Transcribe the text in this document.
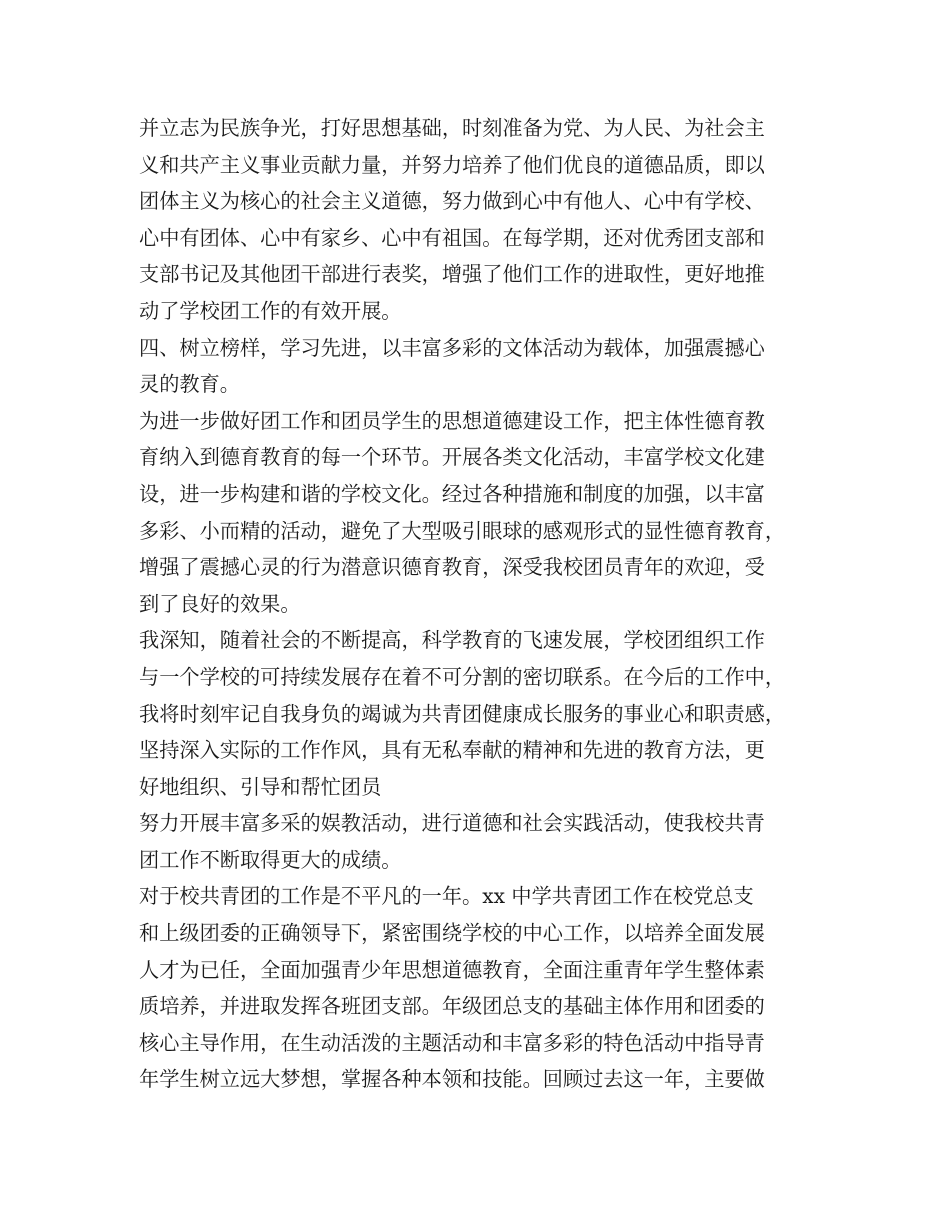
并立志为民族争光，打好思想基础，时刻准备为党、为人民、为社会主
义和共产主义事业贡献力量，并努力培养了他们优良的道德品质，即以
团体主义为核心的社会主义道德，努力做到心中有他人、心中有学校、
心中有团体、心中有家乡、心中有祖国。在每学期，还对优秀团支部和
支部书记及其他团干部进行表奖，增强了他们工作的进取性，更好地推
动了学校团工作的有效开展。
四、树立榜样，学习先进，以丰富多彩的文体活动为载体，加强震撼心
灵的教育。
为进一步做好团工作和团员学生的思想道德建设工作，把主体性德育教
育纳入到德育教育的每一个环节。开展各类文化活动，丰富学校文化建
设，进一步构建和谐的学校文化。经过各种措施和制度的加强，以丰富
多彩、小而精的活动，避免了大型吸引眼球的感观形式的显性德育教育，
增强了震撼心灵的行为潜意识德育教育，深受我校团员青年的欢迎，受
到了良好的效果。
我深知，随着社会的不断提高，科学教育的飞速发展，学校团组织工作
与一个学校的可持续发展存在着不可分割的密切联系。在今后的工作中，
我将时刻牢记自我身负的竭诚为共青团健康成长服务的事业心和职责感，
坚持深入实际的工作作风，具有无私奉献的精神和先进的教育方法，更
好地组织、引导和帮忙团员
努力开展丰富多采的娱教活动，进行道德和社会实践活动，使我校共青
团工作不断取得更大的成绩。
对于校共青团的工作是不平凡的一年。xx 中学共青团工作在校党总支
和上级团委的正确领导下，紧密围绕学校的中心工作，以培养全面发展
人才为已任，全面加强青少年思想道德教育，全面注重青年学生整体素
质培养，并进取发挥各班团支部。年级团总支的基础主体作用和团委的
核心主导作用，在生动活泼的主题活动和丰富多彩的特色活动中指导青
年学生树立远大梦想，掌握各种本领和技能。回顾过去这一年，主要做
